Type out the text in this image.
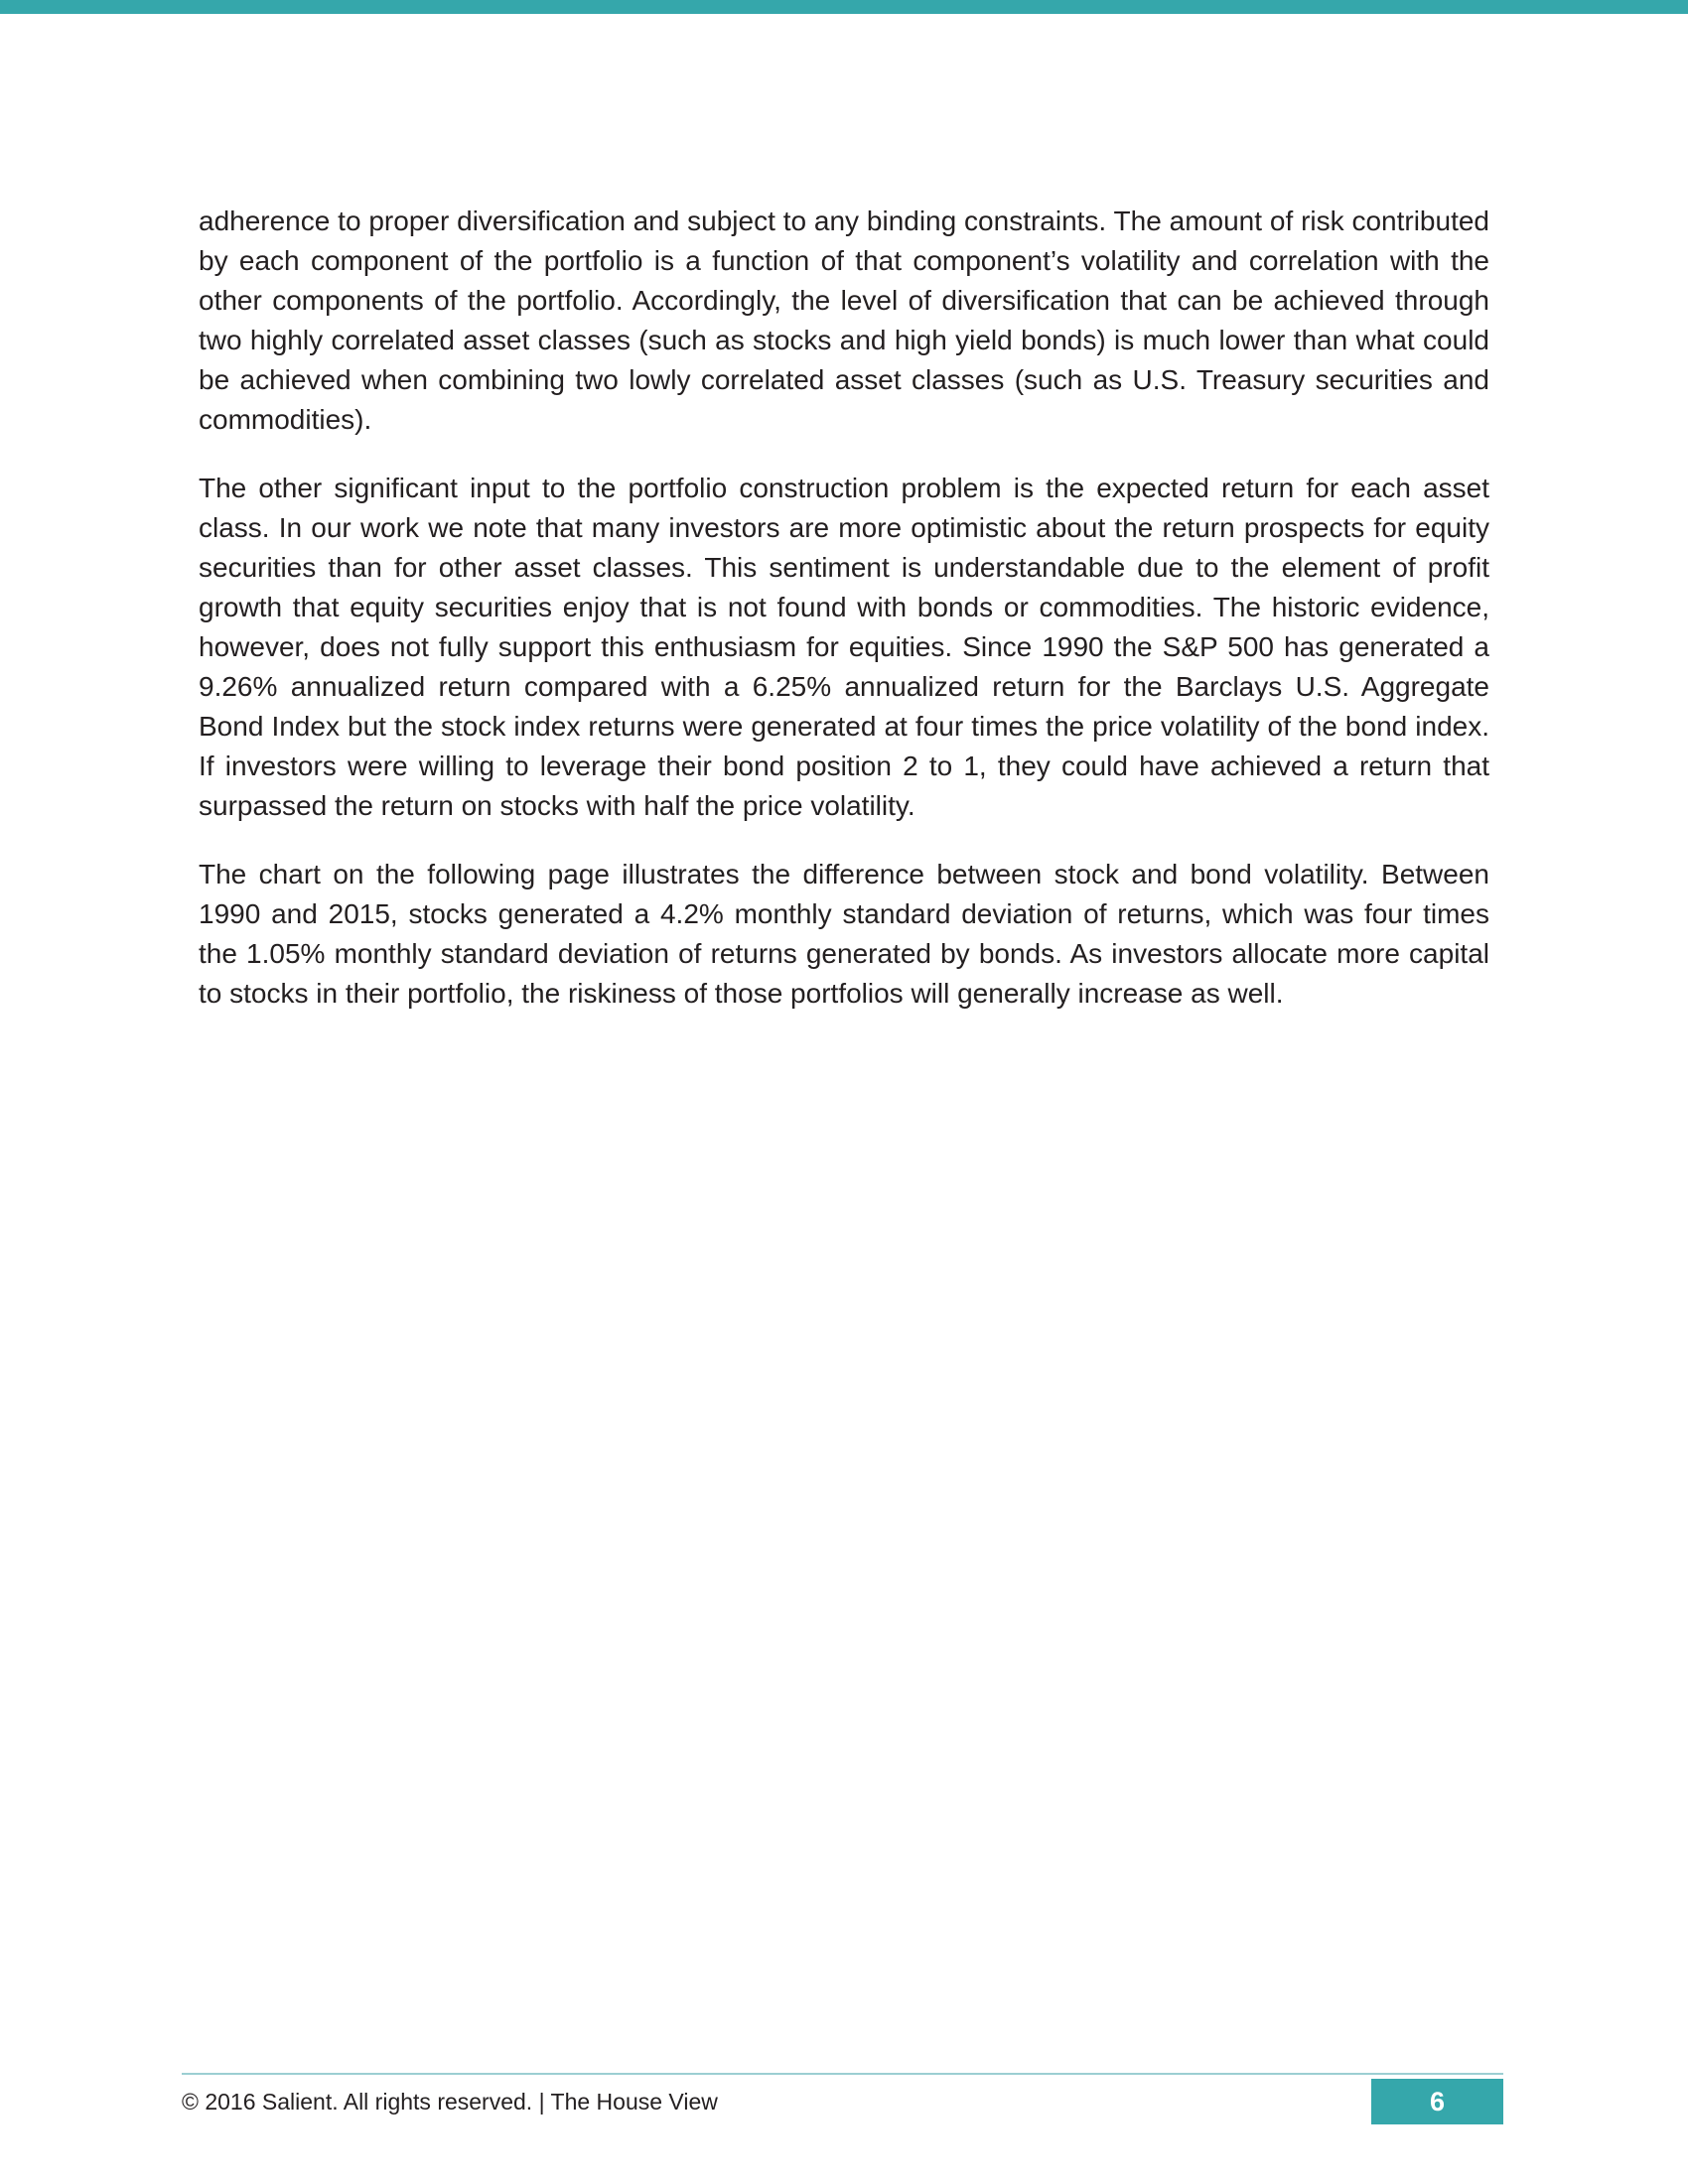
adherence to proper diversification and subject to any binding constraints. The amount of risk contributed by each component of the portfolio is a function of that component’s volatility and correlation with the other components of the portfolio. Accordingly, the level of diversification that can be achieved through two highly correlated asset classes (such as stocks and high yield bonds) is much lower than what could be achieved when combining two lowly correlated asset classes (such as U.S. Treasury securities and commodities).

The other significant input to the portfolio construction problem is the expected return for each asset class. In our work we note that many investors are more optimistic about the return prospects for equity securities than for other asset classes. This sentiment is understandable due to the element of profit growth that equity securities enjoy that is not found with bonds or commodities. The historic evidence, however, does not fully support this enthusiasm for equities. Since 1990 the S&P 500 has generated a 9.26% annualized return compared with a 6.25% annualized return for the Barclays U.S. Aggregate Bond Index but the stock index returns were generated at four times the price volatility of the bond index. If investors were willing to leverage their bond position 2 to 1, they could have achieved a return that surpassed the return on stocks with half the price volatility.

The chart on the following page illustrates the difference between stock and bond volatility. Between 1990 and 2015, stocks generated a 4.2% monthly standard deviation of returns, which was four times the 1.05% monthly standard deviation of returns generated by bonds. As investors allocate more capital to stocks in their portfolio, the riskiness of those portfolios will generally increase as well.

© 2016 Salient. All rights reserved. | The House View	6
